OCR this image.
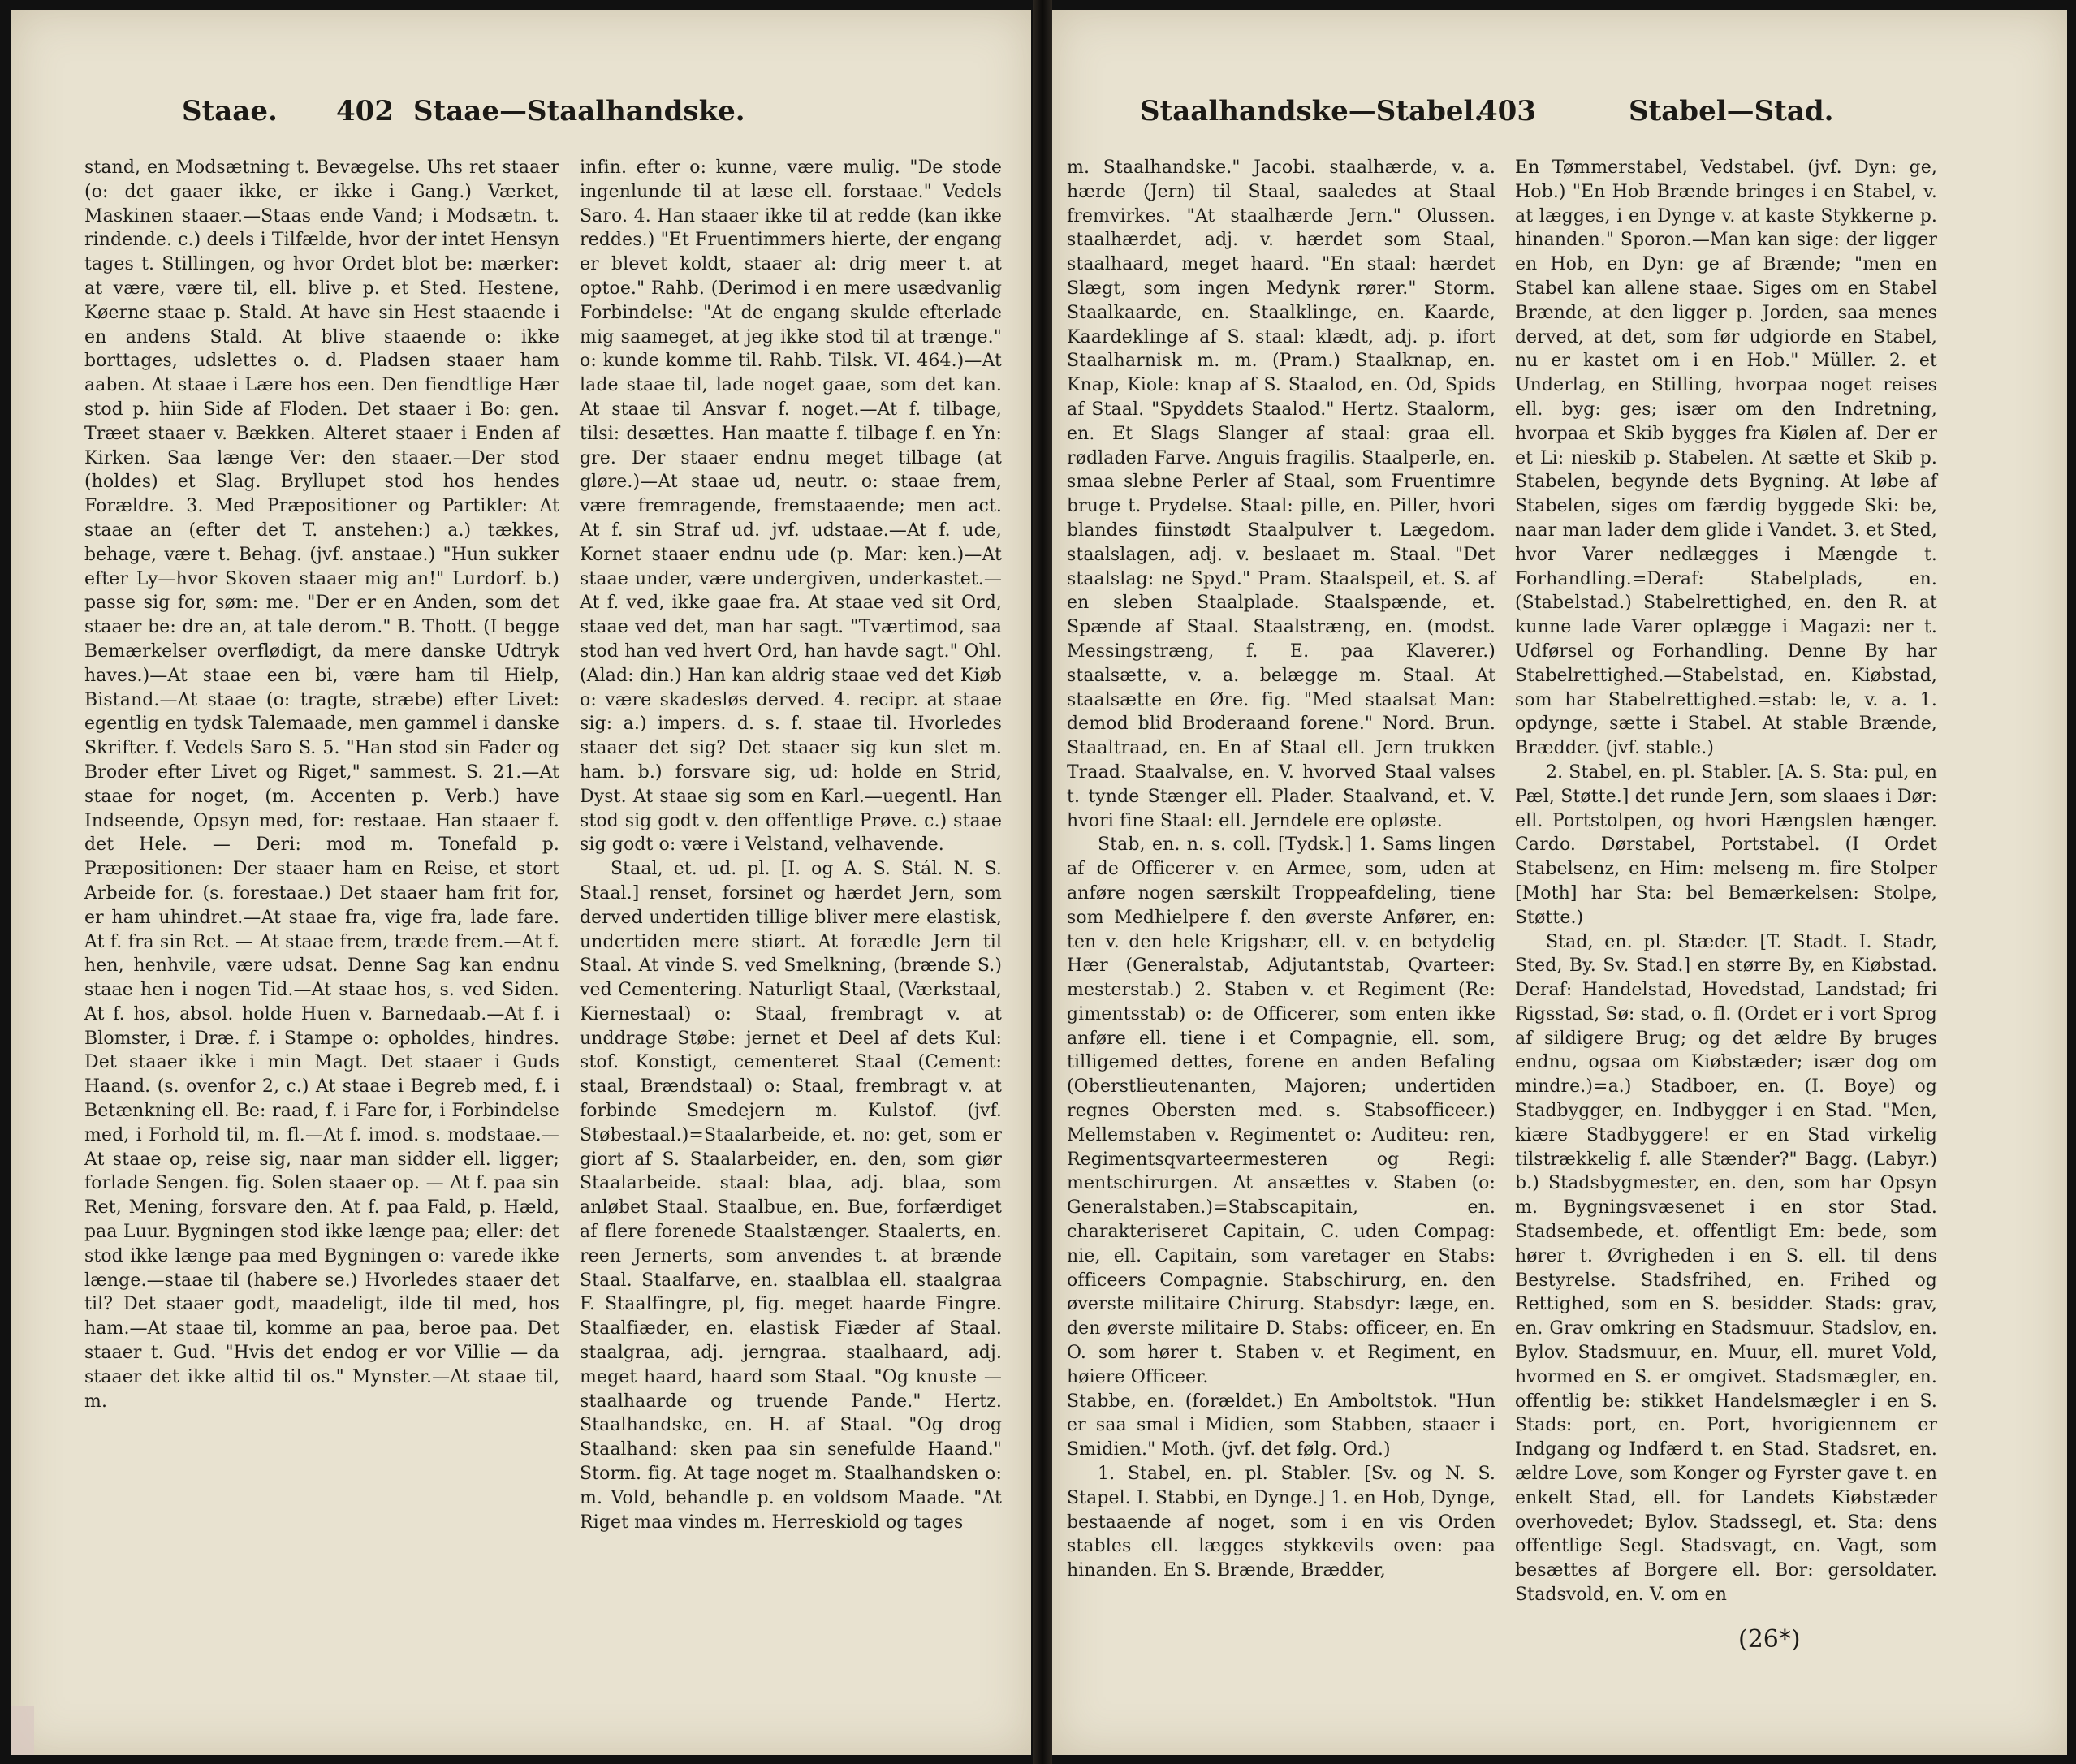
Staae. 402 Staae—Staalhandske.

stand, en Modsætning t. Bevægelse. Uhs ret staaer (o: det gaaer ikke, er ikke i Gang.) Værket, Maskinen staaer.—Staas ende Vand; i Modsætn. t. rindende. c.) deels i Tilfælde, hvor der intet Hensyn tages t. Stillingen, og hvor Ordet blot be: mærker: at være, være til, ell. blive p. et Sted. Hestene, Køerne staae p. Stald. At have sin Hest staaende i en andens Stald. At blive staaende o: ikke borttages, udslettes o. d. Pladsen staaer ham aaben. At staae i Lære hos een. Den fiendtlige Hær stod p. hiin Side af Floden. Det staaer i Bo: gen. Træet staaer v. Bækken. Alteret staaer i Enden af Kirken. Saa længe Ver: den staaer.—Der stod (holdes) et Slag. Bryllupet stod hos hendes Forældre. 3. Med Præpositioner og Partikler: At staae an (efter det T. anstehen:) a.) tækkes, behage, være t. Behag. (jvf. anstaae.) "Hun sukker efter Ly—hvor Skoven staaer mig an!" Lurdorf. b.) passe sig for, søm: me. "Der er en Anden, som det staaer be: dre an, at tale derom." B. Thott. (I begge Bemærkelser overflødigt, da mere danske Udtryk haves.)—At staae een bi, være ham til Hielp, Bistand.—At staae (o: tragte, stræbe) efter Livet: egentlig en tydsk Talemaade, men gammel i danske Skrifter. f. Vedels Saro S. 5. "Han stod sin Fader og Broder efter Livet og Riget," sammest. S. 21.—At staae for noget, (m. Accenten p. Verb.) have Indseende, Opsyn med, for: restaae. Han staaer f. det Hele. — Deri: mod m. Tonefald p. Præpositionen: Der staaer ham en Reise, et stort Arbeide for. (s. forestaae.) Det staaer ham frit for, er ham uhindret.—At staae fra, vige fra, lade fare. At f. fra sin Ret. — At staae frem, træde frem.—At f. hen, henhvile, være udsat. Denne Sag kan endnu staae hen i nogen Tid.—At staae hos, s. ved Siden. At f. hos, absol. holde Huen v. Barnedaab.—At f. i Blomster, i Dræ. f. i Stampe o: opholdes, hindres. Det staaer ikke i min Magt. Det staaer i Guds Haand. (s. ovenfor 2, c.) At staae i Begreb med, f. i Betænkning ell. Be: raad, f. i Fare for, i Forbindelse med, i Forhold til, m. fl.—At f. imod. s. modstaae.—At staae op, reise sig, naar man sidder ell. ligger; forlade Sengen. fig. Solen staaer op. — At f. paa sin Ret, Mening, forsvare den. At f. paa Fald, p. Hæld, paa Luur. Bygningen stod ikke længe paa; eller: det stod ikke længe paa med Bygningen o: varede ikke længe.—staae til (habere se.) Hvorledes staaer det til? Det staaer godt, maadeligt, ilde til med, hos ham.—At staae til, komme an paa, beroe paa. Det staaer t. Gud. "Hvis det endog er vor Villie — da staaer det ikke altid til os." Mynster.—At staae til, m.

infin. efter o: kunne, være mulig. "De stode ingenlunde til at læse ell. forstaae." Vedels Saro. 4. Han staaer ikke til at redde (kan ikke reddes.) "Et Fruentimmers hierte, der engang er blevet koldt, staaer al: drig meer t. at optoe." Rahb. (Derimod i en mere usædvanlig Forbindelse: "At de engang skulde efterlade mig saameget, at jeg ikke stod til at trænge." o: kunde komme til. Rahb. Tilsk. VI. 464.)—At lade staae til, lade noget gaae, som det kan. At staae til Ansvar f. noget.—At f. tilbage, tilsi: desættes. Han maatte f. tilbage f. en Yn: gre. Der staaer endnu meget tilbage (at gløre.)—At staae ud, neutr. o: staae frem, være fremragende, fremstaaende; men act. At f. sin Straf ud. jvf. udstaae.—At f. ude, Kornet staaer endnu ude (p. Mar: ken.)—At staae under, være undergiven, underkastet.—At f. ved, ikke gaae fra. At staae ved sit Ord, staae ved det, man har sagt. "Tværtimod, saa stod han ved hvert Ord, han havde sagt." Ohl. (Alad: din.) Han kan aldrig staae ved det Kiøb o: være skadesløs derved. 4. recipr. at staae sig: a.) impers. d. s. f. staae til. Hvorledes staaer det sig? Det staaer sig kun slet m. ham. b.) forsvare sig, ud: holde en Strid, Dyst. At staae sig som en Karl.—uegentl. Han stod sig godt v. den offentlige Prøve. c.) staae sig godt o: være i Velstand, velhavende.

Staal, et. ud. pl. [I. og A. S. Stál. N. S. Staal.] renset, forsinet og hærdet Jern, som derved undertiden tillige bliver mere elastisk, undertiden mere stiørt. At forædle Jern til Staal. At vinde S. ved Smelkning, (brænde S.) ved Cementering. Naturligt Staal, (Værkstaal, Kiernestaal) o: Staal, frembragt v. at unddrage Støbe: jernet et Deel af dets Kul: stof. Konstigt, cementeret Staal (Cement: staal, Brændstaal) o: Staal, frembragt v. at forbinde Smedejern m. Kulstof. (jvf. Støbestaal.)=Staalarbeide, et. no: get, som er giort af S. Staalarbeider, en. den, som giør Staalarbeide. staal: blaa, adj. blaa, som anløbet Staal. Staalbue, en. Bue, forfærdiget af flere forenede Staalstænger. Staalerts, en. reen Jernerts, som anvendes t. at brænde Staal. Staalfarve, en. staalblaa ell. staalgraa F. Staalfingre, pl, fig. meget haarde Fingre. Staalfiæder, en. elastisk Fiæder af Staal. staalgraa, adj. jerngraa. staalhaard, adj. meget haard, haard som Staal. "Og knuste — staalhaarde og truende Pande." Hertz. Staalhandske, en. H. af Staal. "Og drog Staalhand: sken paa sin senefulde Haand." Storm. fig. At tage noget m. Staalhandsken o: m. Vold, behandle p. en voldsom Maade. "At Riget maa vindes m. Herreskiold og tages

Staalhandske—Stabel.
403	Stabel—Stad.

m. Staalhandske." Jacobi. staalhærde, v. a. hærde (Jern) til Staal, saaledes at Staal fremvirkes. "At staalhærde Jern." Olussen. staalhærdet, adj. v. hærdet som Staal, staalhaard, meget haard. "En staal: hærdet Slægt, som ingen Medynk rører." Storm. Staalkaarde, en. Staalklinge, en. Kaarde, Kaardeklinge af S. staal: klædt, adj. p. ifort Staalharnisk m. m. (Pram.) Staalknap, en. Knap, Kiole: knap af S. Staalod, en. Od, Spids af Staal. "Spyddets Staalod." Hertz. Staalorm, en. Et Slags Slanger af staal: graa ell. rødladen Farve. Anguis fragilis. Staalperle, en. smaa slebne Perler af Staal, som Fruentimre bruge t. Prydelse. Staal: pille, en. Piller, hvori blandes fiinstødt Staalpulver t. Lægedom. staalslagen, adj. v. beslaaet m. Staal. "Det staalslag: ne Spyd." Pram. Staalspeil, et. S. af en sleben Staalplade. Staalspænde, et. Spænde af Staal. Staalstræng, en. (modst. Messingstræng, f. E. paa Klaverer.) staalsætte, v. a. belægge m. Staal. At staalsætte en Øre. fig. "Med staalsat Man: demod blid Broderaand forene." Nord. Brun. Staaltraad, en. En af Staal ell. Jern trukken Traad. Staalvalse, en. V. hvorved Staal valses t. tynde Stænger ell. Plader. Staalvand, et. V. hvori fine Staal: ell. Jerndele ere opløste.

Stab, en. n. s. coll. [Tydsk.] 1. Sams lingen af de Officerer v. en Armee, som, uden at anføre nogen særskilt Troppeafdeling, tiene som Medhielpere f. den øverste Anfører, en: ten v. den hele Krigshær, ell. v. en betydelig Hær (Generalstab, Adjutantstab, Qvarteer: mesterstab.) 2. Staben v. et Regiment (Re: gimentsstab) o: de Officerer, som enten ikke anføre ell. tiene i et Compagnie, ell. som, tilligemed dettes, forene en anden Befaling (Oberstlieutenanten, Majoren; undertiden regnes Obersten med. s. Stabsofficeer.) Mellemstaben v. Regimentet o: Auditeu: ren, Regimentsqvarteermesteren og Regi: mentschirurgen. At ansættes v. Staben (o: Generalstaben.)=Stabscapitain, en. charakteriseret Capitain, C. uden Compag: nie, ell. Capitain, som varetager en Stabs: officeers Compagnie. Stabschirurg, en. den øverste militaire Chirurg. Stabsdyr: læge, en. den øverste militaire D. Stabs: officeer, en. En O. som hører t. Staben v. et Regiment, en høiere Officeer.

Stabbe, en. (forældet.) En Amboltstok. "Hun er saa smal i Midien, som Stabben, staaer i Smidien." Moth. (jvf. det følg. Ord.)

1. Stabel, en. pl. Stabler. [Sv. og N. S. Stapel. I. Stabbi, en Dynge.] 1. en Hob, Dynge, bestaaende af noget, som i en vis Orden stables ell. lægges stykkevils oven: paa hinanden. En S. Brænde, Brædder,

En Tømmerstabel, Vedstabel. (jvf. Dyn: ge, Hob.) "En Hob Brænde bringes i en Stabel, v. at lægges, i en Dynge v. at kaste Stykkerne p. hinanden." Sporon.—Man kan sige: der ligger en Hob, en Dyn: ge af Brænde; "men en Stabel kan allene staae. Siges om en Stabel Brænde, at den ligger p. Jorden, saa menes derved, at det, som før udgiorde en Stabel, nu er kastet om i en Hob." Müller. 2. et Underlag, en Stilling, hvorpaa noget reises ell. byg: ges; især om den Indretning, hvorpaa et Skib bygges fra Kiølen af. Der er et Li: nieskib p. Stabelen. At sætte et Skib p. Stabelen, begynde dets Bygning. At løbe af Stabelen, siges om færdig byggede Ski: be, naar man lader dem glide i Vandet. 3. et Sted, hvor Varer nedlægges i Mængde t. Forhandling.=Deraf: Stabelplads, en. (Stabelstad.) Stabelrettighed, en. den R. at kunne lade Varer oplægge i Magazi: ner t. Udførsel og Forhandling. Denne By har Stabelrettighed.—Stabelstad, en. Kiøbstad, som har Stabelrettighed.=stab: le, v. a. 1. opdynge, sætte i Stabel. At stable Brænde, Brædder. (jvf. stable.)

2. Stabel, en. pl. Stabler. [A. S. Sta: pul, en Pæl, Støtte.] det runde Jern, som slaaes i Dør: ell. Portstolpen, og hvori Hængslen hænger. Cardo. Dørstabel, Portstabel. (I Ordet Stabelsenz, en Him: melseng m. fire Stolper [Moth] har Sta: bel Bemærkelsen: Stolpe, Støtte.)

Stad, en. pl. Stæder. [T. Stadt. I. Stadr, Sted, By. Sv. Stad.] en større By, en Kiøbstad. Deraf: Handelstad, Hovedstad, Landstad; fri Rigsstad, Sø: stad, o. fl. (Ordet er i vort Sprog af sildigere Brug; og det ældre By bruges endnu, ogsaa om Kiøbstæder; især dog om mindre.)=a.) Stadboer, en. (I. Boye) og Stadbygger, en. Indbygger i en Stad. "Men, kiære Stadbyggere! er en Stad virkelig tilstrækkelig f. alle Stænder?" Bagg. (Labyr.) b.) Stadsbygmester, en. den, som har Opsyn m. Bygningsvæsenet i en stor Stad. Stadsembede, et. offentligt Em: bede, som hører t. Øvrigheden i en S. ell. til dens Bestyrelse. Stadsfrihed, en. Frihed og Rettighed, som en S. besidder. Stads: grav, en. Grav omkring en Stadsmuur. Stadslov, en. Bylov. Stadsmuur, en. Muur, ell. muret Vold, hvormed en S. er omgivet. Stadsmægler, en. offentlig be: stikket Handelsmægler i en S. Stads: port, en. Port, hvorigiennem er Indgang og Indfærd t. en Stad. Stadsret, en. ældre Love, som Konger og Fyrster gave t. en enkelt Stad, ell. for Landets Kiøbstæder overhovedet; Bylov. Stadssegl, et. Sta: dens offentlige Segl. Stadsvagt, en. Vagt, som besættes af Borgere ell. Bor: gersoldater. Stadsvold, en. V. om en

(26*)
